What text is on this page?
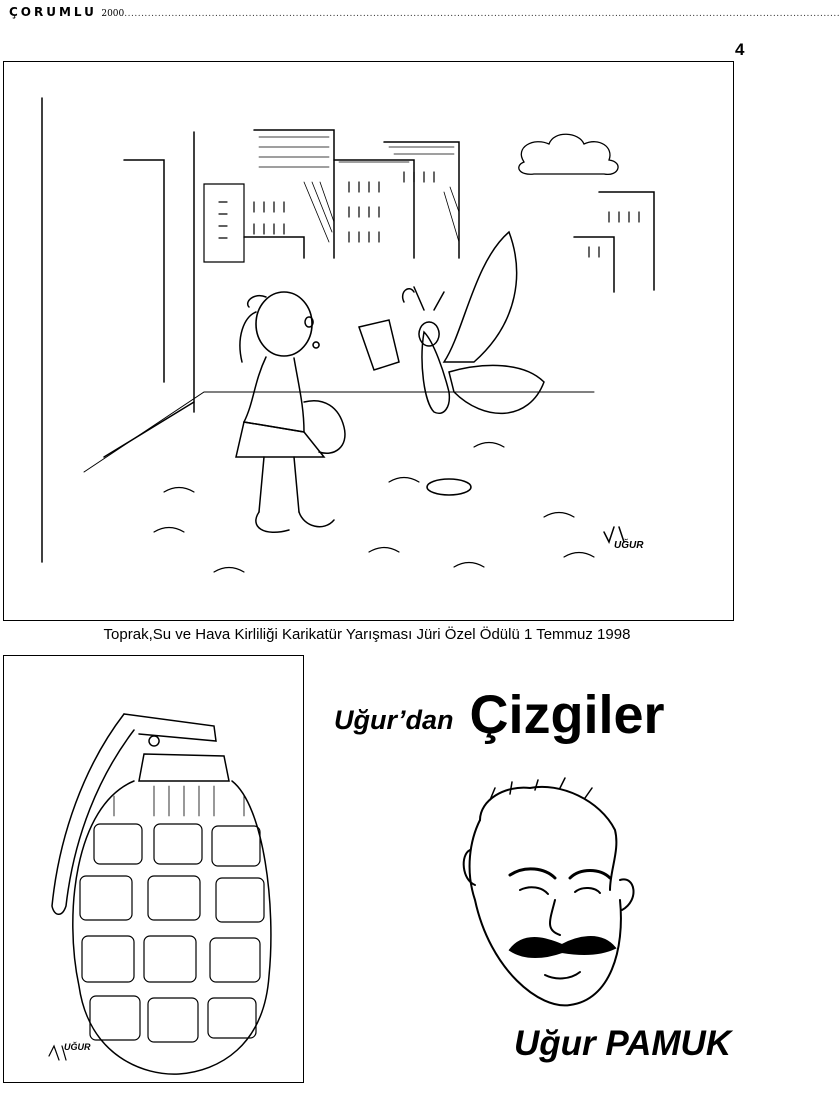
ÇORUMLU 2000.....................................................................................................................................................................................................................
4
UĞUR
Toprak,Su ve Hava Kirliliği Karikatür Yarışması Jüri Özel Ödülü 1 Temmuz 1998
UĞUR
Uğur’dan Çizgiler
Uğur PAMUK
